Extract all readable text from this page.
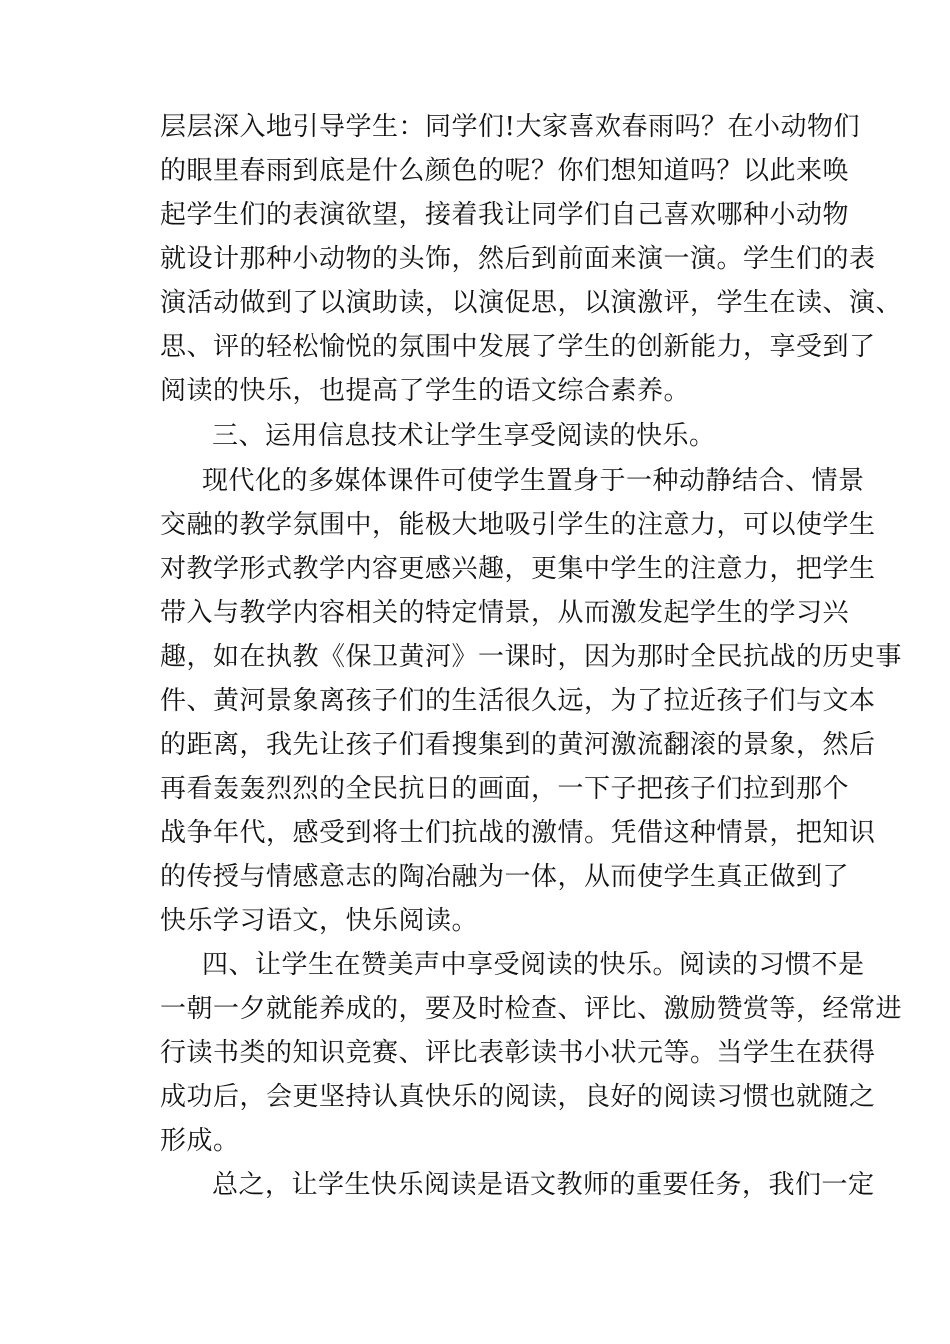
层层深入地引导学生：同学们!大家喜欢春雨吗？在小动物们
的眼里春雨到底是什么颜色的呢？你们想知道吗？以此来唤
起学生们的表演欲望，接着我让同学们自己喜欢哪种小动物
就设计那种小动物的头饰，然后到前面来演一演。学生们的表
演活动做到了以演助读，以演促思，以演激评，学生在读、演、
思、评的轻松愉悦的氛围中发展了学生的创新能力，享受到了
阅读的快乐，也提高了学生的语文综合素养。
三、运用信息技术让学生享受阅读的快乐。
现代化的多媒体课件可使学生置身于一种动静结合、情景
交融的教学氛围中，能极大地吸引学生的注意力，可以使学生
对教学形式教学内容更感兴趣，更集中学生的注意力，把学生
带入与教学内容相关的特定情景，从而激发起学生的学习兴
趣，如在执教《保卫黄河》一课时，因为那时全民抗战的历史事
件、黄河景象离孩子们的生活很久远，为了拉近孩子们与文本
的距离，我先让孩子们看搜集到的黄河激流翻滚的景象，然后
再看轰轰烈烈的全民抗日的画面，一下子把孩子们拉到那个
战争年代，感受到将士们抗战的激情。凭借这种情景，把知识
的传授与情感意志的陶冶融为一体，从而使学生真正做到了
快乐学习语文，快乐阅读。
四、让学生在赞美声中享受阅读的快乐。阅读的习惯不是
一朝一夕就能养成的，要及时检查、评比、激励赞赏等，经常进
行读书类的知识竞赛、评比表彰读书小状元等。当学生在获得
成功后，会更坚持认真快乐的阅读，良好的阅读习惯也就随之
形成。
总之，让学生快乐阅读是语文教师的重要任务，我们一定
